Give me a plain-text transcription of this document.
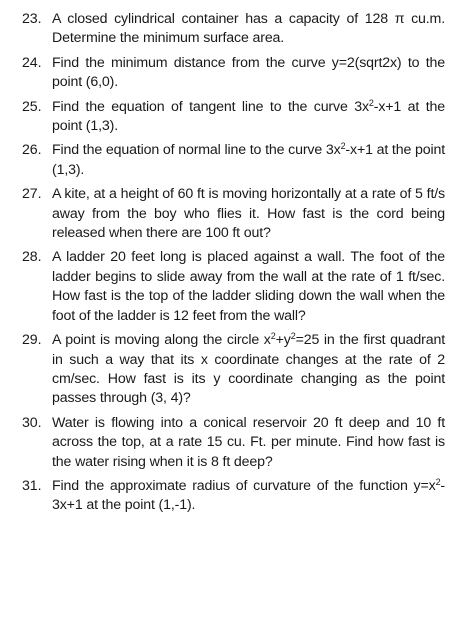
23. A closed cylindrical container has a capacity of 128 π cu.m. Determine the minimum surface area.
24. Find the minimum distance from the curve y=2(sqrt2x) to the point (6,0).
25. Find the equation of tangent line to the curve $3x^2-x+1$ at the point (1,3).
26. Find the equation of normal line to the curve $3x^2-x+1$ at the point (1,3).
27. A kite, at a height of 60 ft is moving horizontally at a rate of 5 ft/s away from the boy who flies it. How fast is the cord being released when there are 100 ft out?
28. A ladder 20 feet long is placed against a wall. The foot of the ladder begins to slide away from the wall at the rate of 1 ft/sec. How fast is the top of the ladder sliding down the wall when the foot of the ladder is 12 feet from the wall?
29. A point is moving along the circle $x^2+y^2=25$ in the first quadrant in such a way that its x coordinate changes at the rate of 2 cm/sec. How fast is its y coordinate changing as the point passes through (3, 4)?
30. Water is flowing into a conical reservoir 20 ft deep and 10 ft across the top, at a rate 15 cu. Ft. per minute. Find how fast is the water rising when it is 8 ft deep?
31. Find the approximate radius of curvature of the function $y=x^2-3x+1$ at the point (1,-1).
